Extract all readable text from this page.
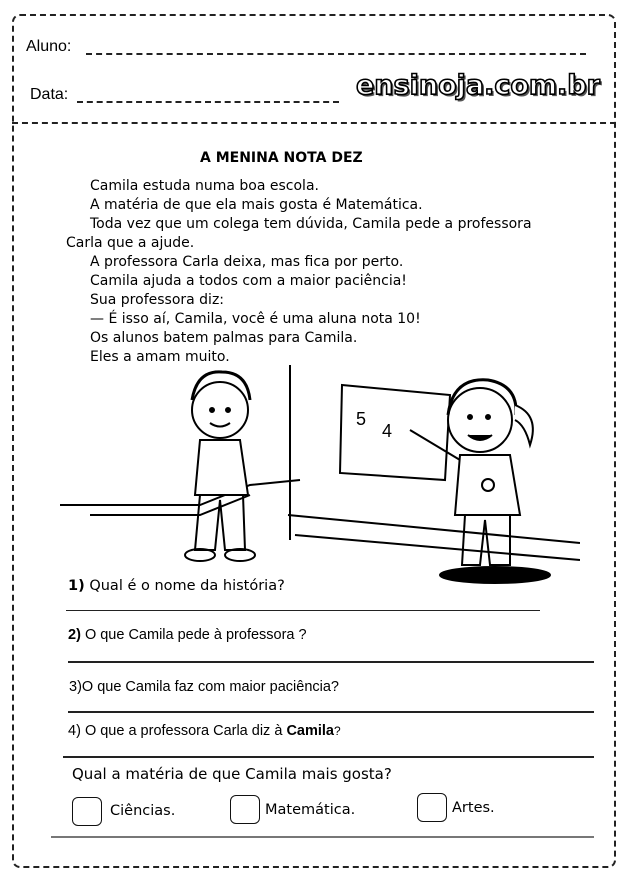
Aluno:
Data:	ensinoja.com.br
A MENINA NOTA DEZ
Camila estuda numa boa escola.
A matéria de que ela mais gosta é Matemática.
Toda vez que um colega tem dúvida, Camila pede a professora
Carla que a ajude.
A professora Carla deixa, mas fica por perto.
Camila ajuda a todos com a maior paciência!
Sua professora diz:
— É isso aí, Camila, você é uma aluna nota 10!
Os alunos batem palmas para Camila.
Eles a amam muito.
5
4
1) Qual é o nome da história?
2) O que Camila pede à professora ?
3)O que Camila faz com maior paciência?
4) O que a professora Carla diz à Camila?
Qual a matéria de que Camila mais gosta?
Ciências.	Matemática.	Artes.
